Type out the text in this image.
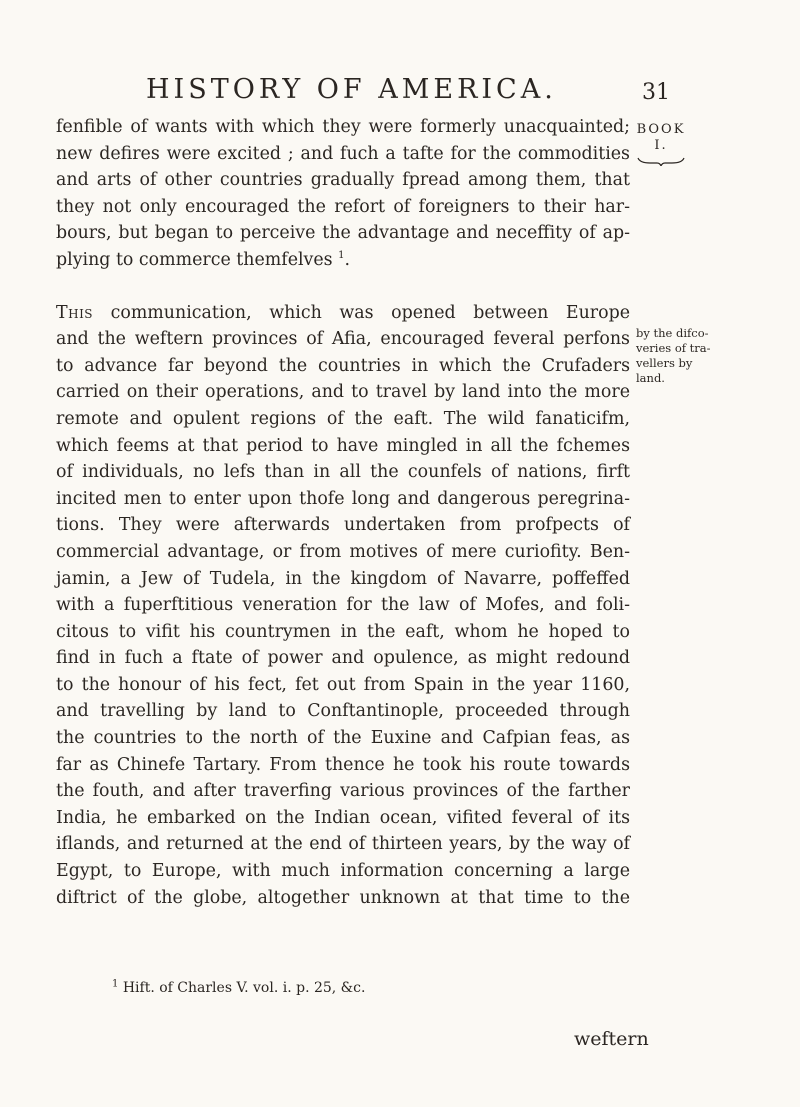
HISTORY OF AMERICA.	31
BOOK
I.
fenfible of wants with which they were formerly unacquainted;
new defires were excited ; and fuch a tafte for the commodities
and arts of other countries gradually fpread among them, that
they not only encouraged the refort of foreigners to their har-
bours, but began to perceive the advantage and neceffity of ap-
plying to commerce themfelves $^1$.
This communication, which was opened between Europe
and the weftern provinces of Afia, encouraged feveral perfons
to advance far beyond the countries in which the Crufaders
carried on their operations, and to travel by land into the more
remote and opulent regions of the eaft. The wild fanaticifm,
which feems at that period to have mingled in all the fchemes
of individuals, no lefs than in all the counfels of nations, firft
incited men to enter upon thofe long and dangerous peregrina-
tions. They were afterwards undertaken from profpects of
commercial advantage, or from motives of mere curiofity. Ben-
jamin, a Jew of Tudela, in the kingdom of Navarre, poffeffed
with a fuperftitious veneration for the law of Mofes, and foli-
citous to vifit his countrymen in the eaft, whom he hoped to
find in fuch a ftate of power and opulence, as might redound
to the honour of his fect, fet out from Spain in the year 1160,
and travelling by land to Conftantinople, proceeded through
the countries to the north of the Euxine and Cafpian feas, as
far as Chinefe Tartary. From thence he took his route towards
the fouth, and after traverfing various provinces of the farther
India, he embarked on the Indian ocean, vifited feveral of its
iflands, and returned at the end of thirteen years, by the way of
Egypt, to Europe, with much information concerning a large
diftrict of the globe, altogether unknown at that time to the
by the difco-
veries of tra-
vellers by
land.
$^1$ Hift. of Charles V. vol. i. p. 25, &c.
weftern
